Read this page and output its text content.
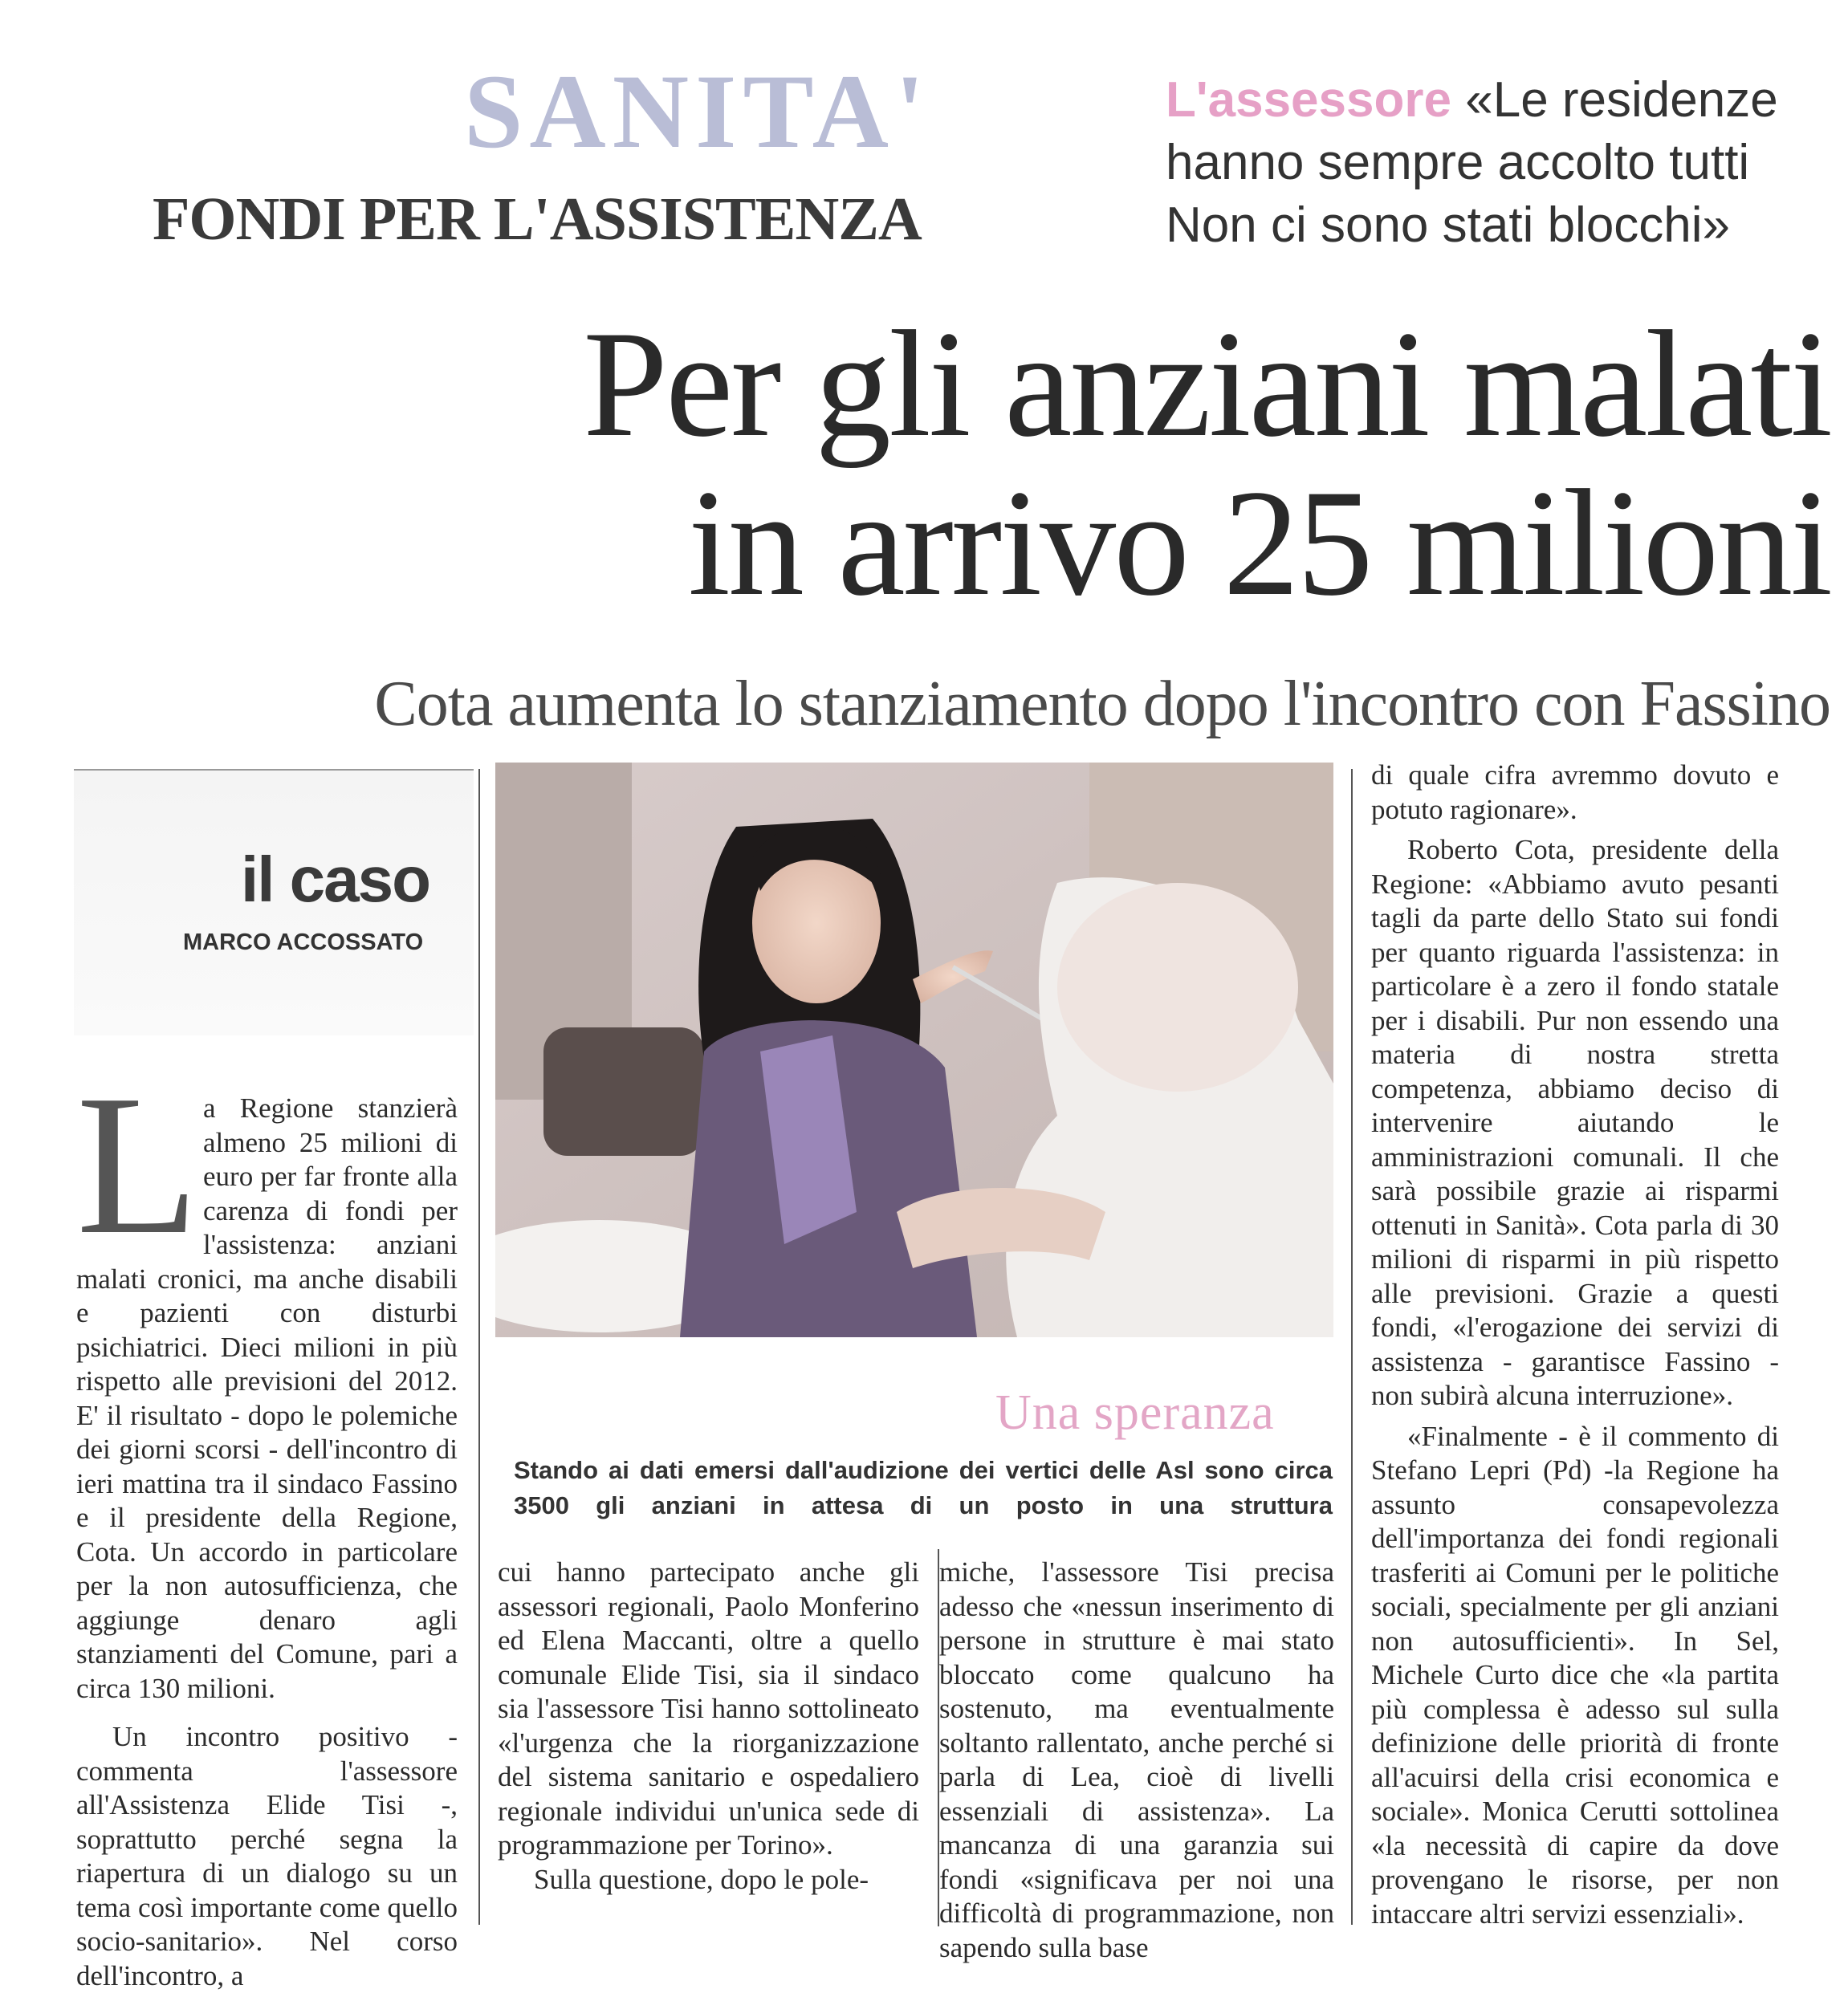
SANITA'
FONDI PER L'ASSISTENZA
L'assessore «Le residenze hanno sempre accolto tutti Non ci sono stati blocchi»
Per gli anziani malati
in arrivo 25 milioni
Cota aumenta lo stanziamento dopo l'incontro con Fassino
il caso
MARCO ACCOSSATO
L a Regione stanzierà almeno 25 milioni di euro per far fronte alla carenza di fondi per l'assistenza: anziani malati cronici, ma anche disabili e pazienti con disturbi psichiatrici. Dieci milioni in più rispetto alle previsioni del 2012. E' il risultato - dopo le polemiche dei giorni scorsi - dell'incontro di ieri mattina tra il sindaco Fassino e il presidente della Regione, Cota. Un accordo in particolare per la non autosufficienza, che aggiunge denaro agli stanziamenti del Comune, pari a circa 130 milioni.

Un incontro positivo - commenta l'assessore all'Assistenza Elide Tisi -, soprattutto perché segna la riapertura di un dialogo su un tema così importante come quello socio-sanitario». Nel corso dell'incontro, a

Una speranza
Stando ai dati emersi dall'audizione dei vertici delle Asl sono circa 3500 gli anziani in attesa di un posto in una struttura

cui hanno partecipato anche gli assessori regionali, Paolo Monferino ed Elena Maccanti, oltre a quello comunale Elide Tisi, sia il sindaco sia l'assessore Tisi hanno sottolineato «l'urgenza che la riorganizzazione del sistema sanitario e ospedaliero regionale individui un'unica sede di programmazione per Torino».

Sulla questione, dopo le pole-

miche, l'assessore Tisi precisa adesso che «nessun inserimento di persone in strutture è mai stato bloccato come qualcuno ha sostenuto, ma eventualmente soltanto rallentato, anche perché si parla di Lea, cioè di livelli essenziali di assistenza». La mancanza di una garanzia sui fondi «significava per noi una difficoltà di programmazione, non sapendo sulla base

di quale cifra avremmo dovuto e potuto ragionare».

Roberto Cota, presidente della Regione: «Abbiamo avuto pesanti tagli da parte dello Stato sui fondi per quanto riguarda l'assistenza: in particolare è a zero il fondo statale per i disabili. Pur non essendo una materia di nostra stretta competenza, abbiamo deciso di intervenire aiutando le amministrazioni comunali. Il che sarà possibile grazie ai risparmi ottenuti in Sanità». Cota parla di 30 milioni di risparmi in più rispetto alle previsioni. Grazie a questi fondi, «l'erogazione dei servizi di assistenza - garantisce Fassino - non subirà alcuna interruzione».

«Finalmente - è il commento di Stefano Lepri (Pd) -la Regione ha assunto consapevolezza dell'importanza dei fondi regionali trasferiti ai Comuni per le politiche sociali, specialmente per gli anziani non autosufficienti». In Sel, Michele Curto dice che «la partita più complessa è adesso sul sulla definizione delle priorità di fronte all'acuirsi della crisi economica e sociale». Monica Cerutti sottolinea «la necessità di capire da dove provengano le risorse, per non intaccare altri servizi essenziali».
